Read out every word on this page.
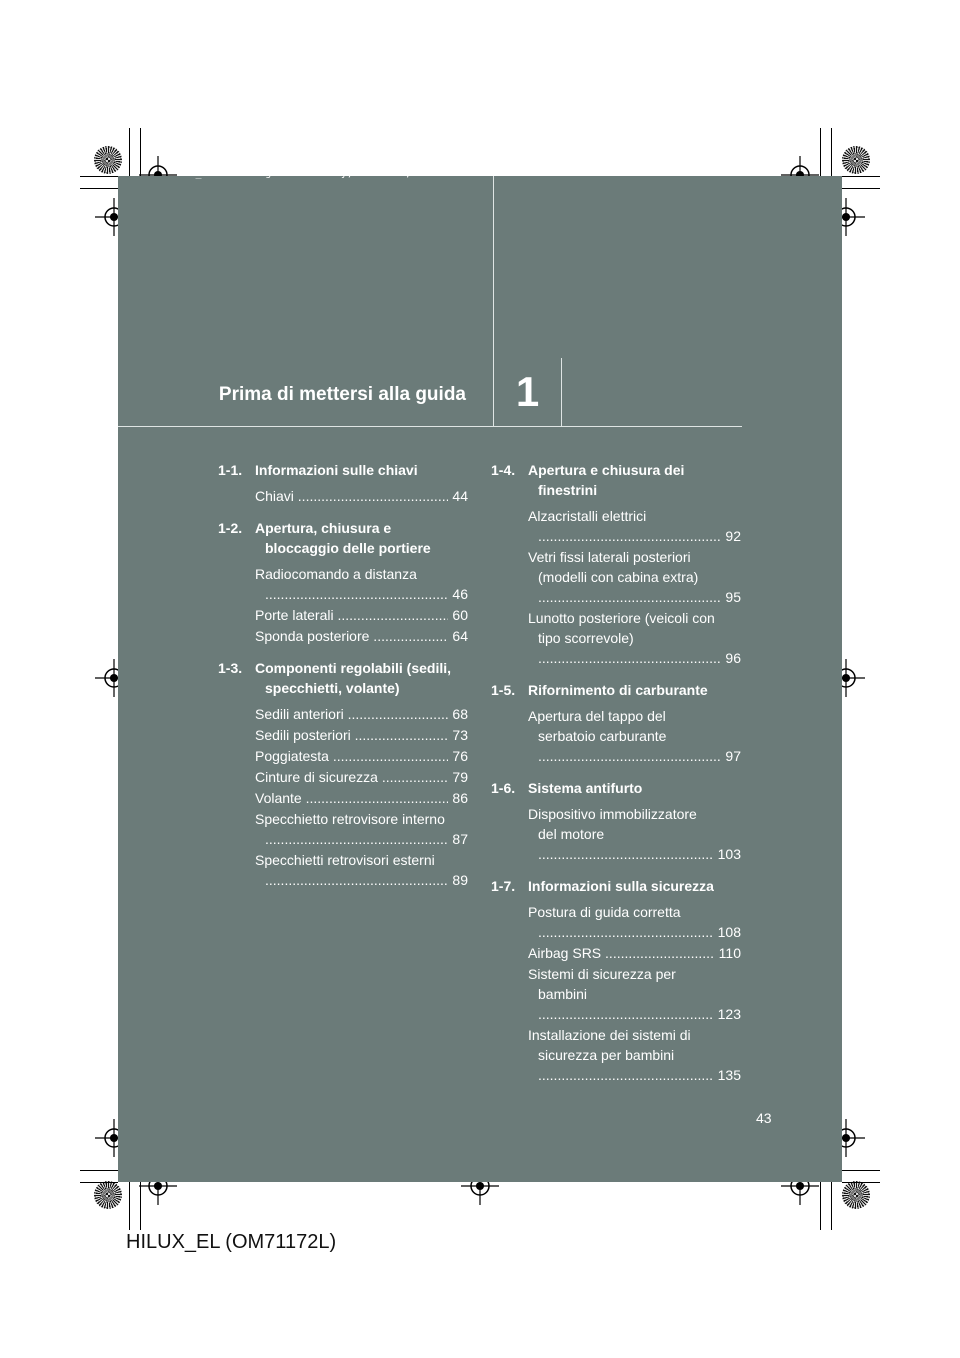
Sec_01TOC.fm Page 43 Thursday, March 24, 2011 1:49 PM
Prima di mettersi alla guida 1
1-1. Informazioni sulle chiavi
Chiavi .....	44
1-2. Apertura, chiusura e bloccaggio delle portiere
Radiocomando a distanza .....
46
Porte laterali .....	60
Sponda posteriore .....	64
1-3. Componenti regolabili (sedili, specchietti, volante)
Sedili anteriori .....	68
Sedili posteriori .....	73
Poggiatesta .....	76
Cinture di sicurezza .....	79
Volante .....	86
Specchietto retrovisore interno .....
87
Specchietti retrovisori esterni .....
89
1-4. Apertura e chiusura dei finestrini
Alzacristalli elettrici .....
92
Vetri fissi laterali posteriori (modelli con cabina extra) .....
95
Lunotto posteriore (veicoli con tipo scorrevole) .....
96
1-5. Rifornimento di carburante
Apertura del tappo del serbatoio carburante .....
97
1-6. Sistema antifurto
Dispositivo immobilizzatore del motore .....
103
1-7. Informazioni sulla sicurezza
Postura di guida corretta .....
108
Airbag SRS .....	110
Sistemi di sicurezza per bambini .....
123
Installazione dei sistemi di sicurezza per bambini .....
135
43
HILUX_EL (OM71172L)
